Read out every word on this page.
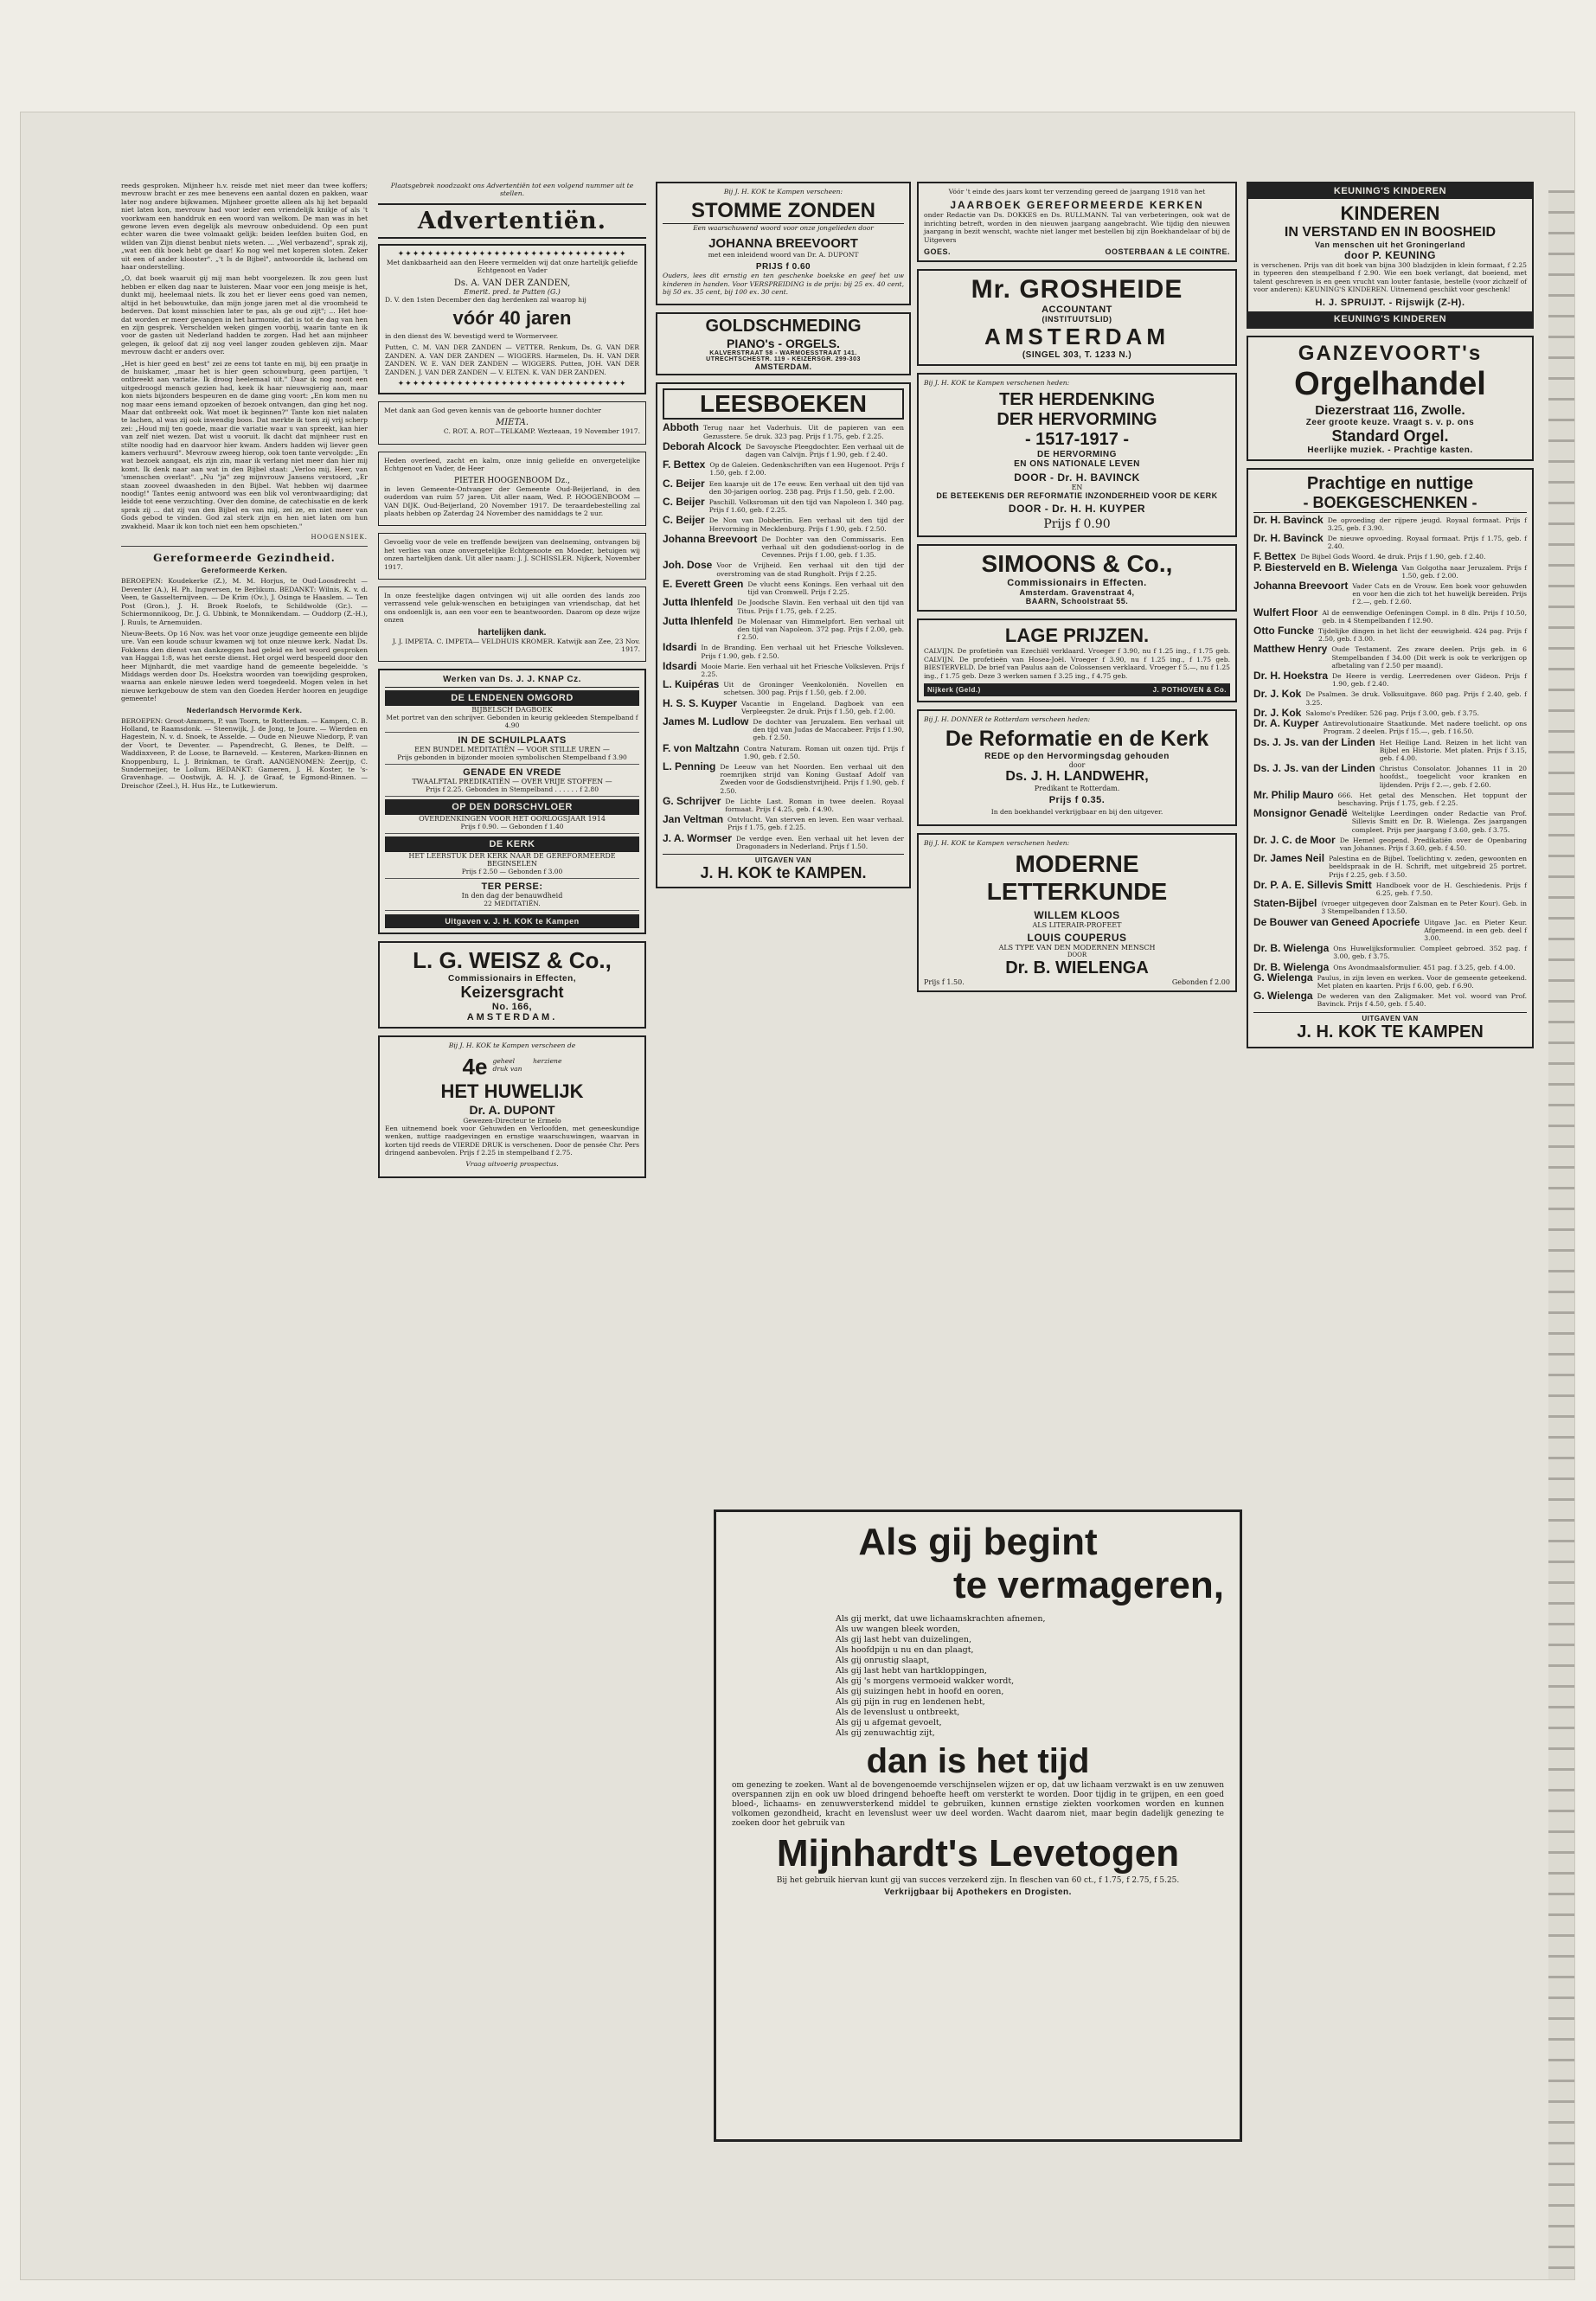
reeds gesproken. Mijnheer h.v. reisde met niet meer dan twee koffers; mevrouw bracht er zes mee benevens een aantal dozen en pakken, waar later nog andere bijkwamen. Mijnheer groette alleen als hij het bepaald niet laten kon, mevrouw had voor ieder een vriendelijk knikje of als 't voorkwam een handdruk en een woord van welkom. De man was in het gewone leven even degelijk als mevrouw onbeduidend. Op een punt echter waren die twee volmaakt gelijk: beiden leefden buiten God, en wilden van Zijn dienst benbut niets weten. ... „Wel verbazend", sprak zij, „wat een dik boek hebt ge daar! Ko nog wel met koperen sloten. Zeker uit een of ander klooster". „'t Is de Bijbel", antwoordde ik, lachend om haar onderstelling.

„O, dat boek waaruit gij mij man hebt voorgelezen. Ik zou geen lust hebben er elken dag naar te luisteren. Maar voor een jong meisje is het, dunkt mij, heelemaal niets. Ik zou het er liever eens goed van nemen, altijd in het bebouwtuike, dan mijn jonge jaren met al die vroomheid te bederven. Dat komt misschien later te pas, als ge oud zijt"; ... Het hoe-dat worden er meer gevangen in het harmonie, dat is tot de dag van hen en zijn gesprek. Verschelden weken gingen voorbij, waarin tante en ik voor de gasten uit Nederland hadden te zorgen. Had het aan mijnheer gelegen, ik geloof dat zij nog veel langer zouden gebleven zijn. Maar mevrouw dacht er anders over.

„Het is hier geed en best" zei ze eens tot tante en mij, bij een praatje in de huiskamer, „maar het is hier geen schouwburg, geen partijen, 't ontbreekt aan variatie. Ik droog heelemaal uit." Daar ik nog nooit een uitgedroogd mensch gezien had, keek ik haar nieuwsgierig aan, maar kon niets bijzonders bespeuren en de dame ging voort: „En kom men nu nog maar eens iemand opzoeken of bezoek ontvangen, dan ging het nog. Maar dat ontbreekt ook. Wat moet ik beginnen?" Tante kon niet nalaten te lachen, al was zij ook inwendig boos. Dat merkte ik toen zij vrij scherp zei: „Houd mij ten goede, maar die variatie waar u van spreekt, kan hier van zelf niet wezen. Dat wist u vooruit. Ik dacht dat mijnheer rust en stilte noodig had en daarvoor hier kwam. Anders hadden wij liever geen kamers verhuurd". Mevrouw zweeg hierop, ook toen tante vervolgde: „En wat bezoek aangaat, els zijn zin, maar ik verlang niet meer dan hier mij komt. Ik denk naar aan wat in den Bijbel staat: „Verloo mij, Heer, van 'smenschen overlast". „Nu "ja" zeg mijnvrouw Jansens verstoord, „Er staan zooveel dwaasheden in den Bijbel. Wat hebben wij daarmee noodig!" Tantes eenig antwoord was een blik vol verontwaardiging; dat leidde tot eene verzuchting. Over den domine, de catechisatie en de kerk sprak zij ... dat zij van den Bijbel en van mij, zei ze, en niet meer van Gods gebod te vinden. God zal sterk zijn en hen niet laten om hun zwakheid. Maar ik kon toch niet een hem opschieten."

HOOGENSIEK.

Gereformeerde Gezindheid.
Gereformeerde Kerken.

BEROEPEN: Koudekerke (Z.), M. M. Horjus, te Oud-Loosdrecht — Deventer (A.), H. Ph. Ingwersen, te Berlikum. BEDANKT: Wilnis, K. v. d. Veen, te Gasselternijveen. — De Krim (Ov.), J. Osinga te Haaslem. — Ten Post (Gron.), J. H. Broek Roelofs, te Schildwolde (Gr.). — Schiermonnikoog, Dr. J. G. Ubbink, te Monnikendam. — Ouddorp (Z.-H.), J. Ruuls, te Arnemuiden.

Nieuw-Beets. Op 16 Nov. was het voor onze jeugdige gemeente een blijde ure. Van een koude schuur kwamen wij tot onze nieuwe kerk. Nadat Ds. Fokkens den dienst van dankzeggen had geleid en het woord gesproken van Haggai 1:8, was het eerste dienst. Het orgel werd bespeeld door den heer Mijnhardt, die met vaardige hand de gemeente begeleidde. 's Middags werden door Ds. Hoekstra woorden van toewijding gesproken, waarna aan enkele nieuwe leden werd toegedeeld. Mogen velen in het nieuwe kerkgebouw de stem van den Goeden Herder hooren en jeugdige gemeente!

Nederlandsch Hervormde Kerk.

BEROEPEN: Groot-Ammers, P. van Toorn, te Rotterdam. — Kampen, C. B. Holland, te Raamsdonk. — Steenwijk, J. de Jong, te Joure. — Wierden en Hagestein, N. v. d. Snoek, te Asselde. — Oude en Nieuwe Niedorp, P. van der Voort, te Deventer. — Papendrecht, G. Benes, te Delft. — Waddinxveen, P. de Loose, te Barneveld. — Kesteren, Marken-Binnen en Knoppenburg, L. J. Brinkman, te Graft. AANGENOMEN: Zeerijp, C. Sundermeijer, te Lollum. BEDANKT: Gameren, J. H. Koster, te 's-Gravenhage. — Oostwijk, A. H. J. de Graaf, te Egmond-Binnen. — Dreischor (Zeel.), H. Hus Hz., te Lutkewierum.

Plaatsgebrek noodzaakt ons Advertentiën tot een volgend nummer uit te stellen.

Advertentiën.
✦✦✦✦✦✦✦✦✦✦✦✦✦✦✦✦✦✦✦✦✦✦✦✦✦✦✦✦✦✦✦

Met dankbaarheid aan den Heere vermelden wij dat onze hartelijk geliefde Echtgenoot en Vader

Ds. A. VAN DER ZANDEN,
Emerit. pred. te Putten (G.)

D. V. den 1sten December den dag herdenken zal waarop hij

vóór 40 jaren

in den dienst des W. bevestigd werd te Wormerveer.

Putten, C. M. VAN DER ZANDEN — VETTER. Renkum, Ds. G. VAN DER ZANDEN. A. VAN DER ZANDEN — WIGGERS. Harmelen, Ds. H. VAN DER ZANDEN. W. E. VAN DER ZANDEN — WIGGERS. Putten, JOH. VAN DER ZANDEN. J. VAN DER ZANDEN — V. ELTEN. K. VAN DER ZANDEN.

✦✦✦✦✦✦✦✦✦✦✦✦✦✦✦✦✦✦✦✦✦✦✦✦✦✦✦✦✦✦✦

Met dank aan God geven kennis van de geboorte hunner dochter

MIETA.

C. ROT. A. ROT—TELKAMP. Wezteaan, 19 November 1917.

Heden overleed, zacht en kalm, onze innig geliefde en onvergetelijke Echtgenoot en Vader, de Heer

PIETER HOOGENBOOM Dz.,

in leven Gemeente-Ontvanger der Gemeente Oud-Beijerland, in den ouderdom van ruim 57 jaren. Uit aller naam, Wed. P. HOOGENBOOM — VAN DIJK. Oud-Beijerland, 20 November 1917. De teraardebestelling zal plaats hebben op Zaterdag 24 November des namiddags te 2 uur.

Gevoelig voor de vele en treffende bewijzen van deelneming, ontvangen bij het verlies van onze onvergetelijke Echtgenoote en Moeder, betuigen wij onzen hartelijken dank. Uit aller naam: J. J. SCHISSLER. Nijkerk, November 1917.

In onze feestelijke dagen ontvingen wij uit alle oorden des lands zoo verrassend vele geluk-wenschen en betuigingen van vriendschap, dat het ons ondoenlijk is, aan een voor een te beantwoorden. Daarom op deze wijze onzen

hartelijken dank.

J. J. IMPETA. C. IMPETA— VELDHUIS KROMER. Katwijk aan Zee, 23 Nov. 1917.

Werken van Ds. J. J. KNAP Cz.
DE LENDENEN OMGORD
BIJBELSCH DAGBOEK
Met portret van den schrijver. Gebonden in keurig gekleeden Stempelband f 4.90
IN DE SCHUILPLAATS
EEN BUNDEL MEDITATIËN — VOOR STILLE UREN —
Prijs gebonden in bijzonder mooien symbolischen Stempelband f 3.90
GENADE EN VREDE
TWAALFTAL PREDIKATIËN — OVER VRIJE STOFFEN —
Prijs f 2.25. Gebonden in Stempelband . . . . . . f 2.80
OP DEN DORSCHVLOER
OVERDENKINGEN VOOR HET OORLOGSJAAR 1914
Prijs f 0.90. — Gebonden f 1.40
DE KERK
HET LEERSTUK DER KERK NAAR DE GEREFORMEERDE BEGINSELEN
Prijs f 2.50 — Gebonden f 3.00
TER PERSE:
In den dag der benauwdheid
22 MEDITATIËN.
Uitgaven v. J. H. KOK te Kampen
L. G. WEISZ & Co.,
Commissionairs in Effecten,
Keizersgracht
No. 166,
AMSTERDAM.

Bij J. H. KOK te Kampen verscheen de

4e geheel herziene druk van
HET HUWELIJK
Dr. A. DUPONT
Gewezen-Directeur te Ermelo

Een uitnemend boek voor Gehuwden en Verloofden, met geneeskundige wenken, nuttige raadgevingen en ernstige waarschuwingen, waarvan in korten tijd reeds de VIERDE DRUK is verschenen. Door de pensée Chr. Pers dringend aanbevolen. Prijs f 2.25 in stempelband f 2.75.

Vraag uitvoerig prospectus.

Bij J. H. KOK te Kampen verscheen:

STOMME ZONDEN

Een waarschuwend woord voor onze jongelieden door

JOHANNA BREEVOORT

met een inleidend woord van Dr. A. DUPONT

PRIJS f 0.60

Ouders, lees dit ernstig en ten geschenke boekske en geef het uw kinderen in handen. Voor VERSPREIDING is de prijs: bij 25 ex. 40 cent, bij 50 ex. 35 cent, bij 100 ex. 30 cent.

GOLDSCHMEDING
PIANO's - ORGELS.
KALVERSTRAAT 58 - WARMOESSTRAAT 141.
UTRECHTSCHESTR. 119 - KEIZERSGR. 299-303
AMSTERDAM.
LEESBOEKEN
Abboth Terug naar het Vaderhuis. Uit de papieren van een Gezusstere. 5e druk. 323 pag. Prijs f 1.75, geb. f 2.25.
Deborah Alcock De Savoysche Pleegdochter. Een verhaal uit de dagen van Calvijn. Prijs f 1.90, geb. f 2.40.
F. Bettex Op de Galeien. Gedenkschriften van een Hugenoot. Prijs f 1.50, geb. f 2.00.
C. Beijer Een kaarsje uit de 17e eeuw. Een verhaal uit den tijd van den 30-jarigen oorlog. 238 pag. Prijs f 1.50, geb. f 2.00.
C. Beijer Paschill. Volksroman uit den tijd van Napoleon I. 340 pag. Prijs f 1.60, geb. f 2.25.
C. Beijer De Non van Dobbertin. Een verhaal uit den tijd der Hervorming in Mecklenburg. Prijs f 1.90, geb. f 2.50.
Johanna Breevoort De Dochter van den Commissaris. Een verhaal uit den godsdienst-oorlog in de Cevennes. Prijs f 1.00, geb. f 1.35.
Joh. Dose Voor de Vrijheid. Een verhaal uit den tijd der overstroming van de stad Rungholt. Prijs f 2.25.
E. Everett Green De vlucht eens Konings. Een verhaal uit den tijd van Cromwell. Prijs f 2.25.
Jutta Ihlenfeld De Joodsche Slavin. Een verhaal uit den tijd van Titus. Prijs f 1.75, geb. f 2.25.
Jutta Ihlenfeld De Molenaar van Himmelpfort. Een verhaal uit den tijd van Napoleon. 372 pag. Prijs f 2.00, geb. f 2.50.
Idsardi In de Branding. Een verhaal uit het Friesche Volksleven. Prijs f 1.90, geb. f 2.50.
Idsardi Mooie Marie. Een verhaal uit het Friesche Volksleven. Prijs f 2.25.
L. Kuipéras Uit de Groninger Veenkoloniën. Novellen en schetsen. 300 pag. Prijs f 1.50, geb. f 2.00.
H. S. S. Kuyper Vacantie in Engeland. Dagboek van een Verpleegster. 2e druk. Prijs f 1.50, geb. f 2.00.
James M. Ludlow De dochter van Jeruzalem. Een verhaal uit den tijd van Judas de Maccabeer. Prijs f 1.90, geb. f 2.50.
F. von Maltzahn Contra Naturam. Roman uit onzen tijd. Prijs f 1.90, geb. f 2.50.
L. Penning De Leeuw van het Noorden. Een verhaal uit den roemrijken strijd van Koning Gustaaf Adolf van Zweden voor de Godsdienstvrijheid. Prijs f 1.90, geb. f 2.50.
G. Schrijver De Lichte Last. Roman in twee deelen. Royaal formaat. Prijs f 4.25, geb. f 4.90.
Jan Veltman Ontvlucht. Van sterven en leven. Een waar verhaal. Prijs f 1.75, geb. f 2.25.
J. A. Wormser De verdge even. Een verhaal uit het leven der Dragonaders in Nederland. Prijs f 1.50.
UITGAVEN VAN
J. H. KOK te KAMPEN.

Vóór 't einde des jaars komt ter verzending gereed de jaargang 1918 van het

JAARBOEK GEREFORMEERDE KERKEN

onder Redactie van Ds. DOKKES en Ds. RULLMANN. Tal van verbeteringen, ook wat de inrichting betreft, worden in den nieuwen jaargang aangebracht. Wie tijdig den nieuwen jaargang in bezit wenscht, wachte niet langer met bestellen bij zijn Boekhandelaar of bij de Uitgevers

GOES.	OOSTERBAAN & LE COINTRE.
Mr. GROSHEIDE
ACCOUNTANT
(INSTITUUTSLID)
AMSTERDAM
(SINGEL 303, T. 1233 N.)

Bij J. H. KOK te Kampen verschenen heden:

TER HERDENKING
DER HERVORMING
- 1517-1917 -
DE HERVORMING
EN ONS NATIONALE LEVEN
DOOR - Dr. H. BAVINCK
EN
DE BETEEKENIS DER REFORMATIE INZONDERHEID VOOR DE KERK
DOOR - Dr. H. H. KUYPER
Prijs f 0.90
SIMOONS & Co.,
Commissionairs in Effecten.
Amsterdam. Gravenstraat 4,
BAARN, Schoolstraat 55.
LAGE PRIJZEN.

CALVIJN. De profetieën van Ezechiël verklaard. Vroeger f 3.90, nu f 1.25 ing., f 1.75 geb. CALVIJN. De profetieën van Hosea-Joël. Vroeger f 3.90, nu f 1.25 ing., f 1.75 geb. BIESTERVELD. De brief van Paulus aan de Colossensen verklaard. Vroeger f 5.—, nu f 1.25 ing., f 1.75 geb. Deze 3 werken samen f 3.25 ing., f 4.75 geb.

Nijkerk (Geld.)	J. POTHOVEN & Co.

Bij J. H. DONNER te Rotterdam verscheen heden:

De Reformatie en de Kerk
REDE op den Hervormingsdag gehouden
door
Ds. J. H. LANDWEHR,
Predikant te Rotterdam.
Prijs f 0.35.

In den boekhandel verkrijgbaar en bij den uitgever.

Bij J. H. KOK te Kampen verschenen heden:

MODERNE
LETTERKUNDE
WILLEM KLOOS
ALS LITERAIR-PROFEET
LOUIS COUPERUS
ALS TYPE VAN DEN MODERNEN MENSCH
DOOR
Dr. B. WIELENGA
Prijs f 1.50.	Gebonden f 2.00
KEUNING'S KINDEREN
KINDEREN
IN VERSTAND EN IN BOOSHEID
Van menschen uit het Groningerland
door P. KEUNING

is verschenen. Prijs van dit boek van bijna 300 bladzijden in klein formaat, f 2.25 in typeeren den stempelband f 2.90. Wie een boek verlangt, dat boeiend, met talent geschreven is en geen vrucht van louter fantasie, bestelle (voor zichzelf of voor anderen): KEUNING'S KINDEREN. Uitnemend geschikt voor geschenk!

H. J. SPRUIJT. - Rijswijk (Z-H).
KEUNING'S KINDEREN
GANZEVOORT's
Orgelhandel
Diezerstraat 116, Zwolle.
Zeer groote keuze. Vraagt s. v. p. ons
Standard Orgel.
Heerlijke muziek. - Prachtige kasten.
Prachtige en nuttige
- BOEKGESCHENKEN -
Dr. H. Bavinck De opvoeding der rijpere jeugd. Royaal formaat. Prijs f 3.25, geb. f 3.90.
Dr. H. Bavinck De nieuwe opvoeding. Royaal formaat. Prijs f 1.75, geb. f 2.40.
F. Bettex De Bijbel Gods Woord. 4e druk. Prijs f 1.90, geb. f 2.40.
P. Biesterveld en B. Wielenga Van Golgotha naar Jeruzalem. Prijs f 1.50, geb. f 2.00.
Johanna Breevoort Vader Cats en de Vrouw. Een boek voor gehuwden en voor hen die zich tot het huwelijk bereiden. Prijs f 2.—, geb. f 2.60.
Wulfert Floor Al de eenwendige Oefeningen Compl. in 8 dln. Prijs f 10.50, geb. in 4 Stempelbanden f 12.90.
Otto Funcke Tijdelijke dingen in het licht der eeuwigheid. 424 pag. Prijs f 2.50, geb. f 3.00.
Matthew Henry Oude Testament. Zes zware deelen. Prijs geb. in 6 Stempelbanden f 34.00 (Dit werk is ook te verkrijgen op afbetaling van f 2.50 per maand).
Dr. H. Hoekstra De Heere is verdig. Leerredenen over Gideon. Prijs f 1.90, geb. f 2.40.
Dr. J. Kok De Psalmen. 3e druk. Volksuitgave. 860 pag. Prijs f 2.40, geb. f 3.25.
Dr. J. Kok Salomo's Prediker. 526 pag. Prijs f 3.00, geb. f 3.75.
Dr. A. Kuyper Antirevolutionaire Staatkunde. Met nadere toelicht. op ons Program. 2 deelen. Prijs f 15.—, geb. f 16.50.
Ds. J. Js. van der Linden Het Heilige Land. Reizen in het licht van Bijbel en Historie. Met platen. Prijs f 3.15, geb. f 4.00.
Ds. J. Js. van der Linden Christus Consolator. Johannes 11 in 20 hoofdst., toegelicht voor kranken en lijdenden. Prijs f 2.—, geb. f 2.60.
Mr. Philip Mauro 666. Het getal des Menschen. Het toppunt der beschaving. Prijs f 1.75, geb. f 2.25.
Monsignor Genadë Weltelijke Leerdingen onder Redactie van Prof. Sillevis Smitt en Dr. B. Wielenga. Zes jaargangen compleet. Prijs per jaargang f 3.60, geb. f 3.75.
Dr. J. C. de Moor De Hemel geopend. Predikatiën over de Openbaring van Johannes. Prijs f 3.60, geb. f 4.50.
Dr. James Neil Palestina en de Bijbel. Toelichting v. zeden, gewoonten en beeldspraak in de H. Schrift, met uitgebreid 25 portret. Prijs f 2.25, geb. f 3.50.
Dr. P. A. E. Sillevis Smitt Handboek voor de H. Geschiedenis. Prijs f 6.25, geb. f 7.50.
Staten-Bijbel (vroeger uitgegeven door Zalsman en te Peter Kour). Geb. in 3 Stempelbanden f 13.50.
De Bouwer van Geneed Apocriefe Uitgave Jac. en Pieter Keur. Afgemeend. in een geb. deel f 3.00.
Dr. B. Wielenga Ons Huwelijksformulier. Compleet gebroed. 352 pag. f 3.00, geb. f 3.75.
Dr. B. Wielenga Ons Avondmaalsformulier. 451 pag. f 3.25, geb. f 4.00.
G. Wielenga Paulus, in zijn leven en werken. Voor de gemeente geteekend. Met platen en kaarten. Prijs f 6.00, geb. f 6.90.
G. Wielenga De wederen van den Zaligmaker. Met vol. woord van Prof. Bavinck. Prijs f 4.50, geb. f 5.40.
UITGAVEN VAN
J. H. KOK TE KAMPEN
Als gij begint
te vermageren,
Als gij merkt, dat uwe lichaamskrachten afnemen,
Als uw wangen bleek worden,
Als gij last hebt van duizelingen,
Als hoofdpijn u nu en dan plaagt,
Als gij onrustig slaapt,
Als gij last hebt van hartkloppingen,
Als gij 's morgens vermoeid wakker wordt,
Als gij suizingen hebt in hoofd en ooren,
Als gij pijn in rug en lendenen hebt,
Als de levenslust u ontbreekt,
Als gij u afgemat gevoelt,
Als gij zenuwachtig zijt,
dan is het tijd

om genezing te zoeken. Want al de bovengenoemde verschijnselen wijzen er op, dat uw lichaam verzwakt is en uw zenuwen overspannen zijn en ook uw bloed dringend behoefte heeft om versterkt te worden. Door tijdig in te grijpen, en een goed bloed-, lichaams- en zenuwversterkend middel te gebruiken, kunnen ernstige ziekten voorkomen worden en kunnen volkomen gezondheid, kracht en levenslust weer uw deel worden. Wacht daarom niet, maar begin dadelijk genezing te zoeken door het gebruik van

Mijnhardt's Levetogen

Bij het gebruik hiervan kunt gij van succes verzekerd zijn. In fleschen van 60 ct., f 1.75, f 2.75, f 5.25.

Verkrijgbaar bij Apothekers en Drogisten.
